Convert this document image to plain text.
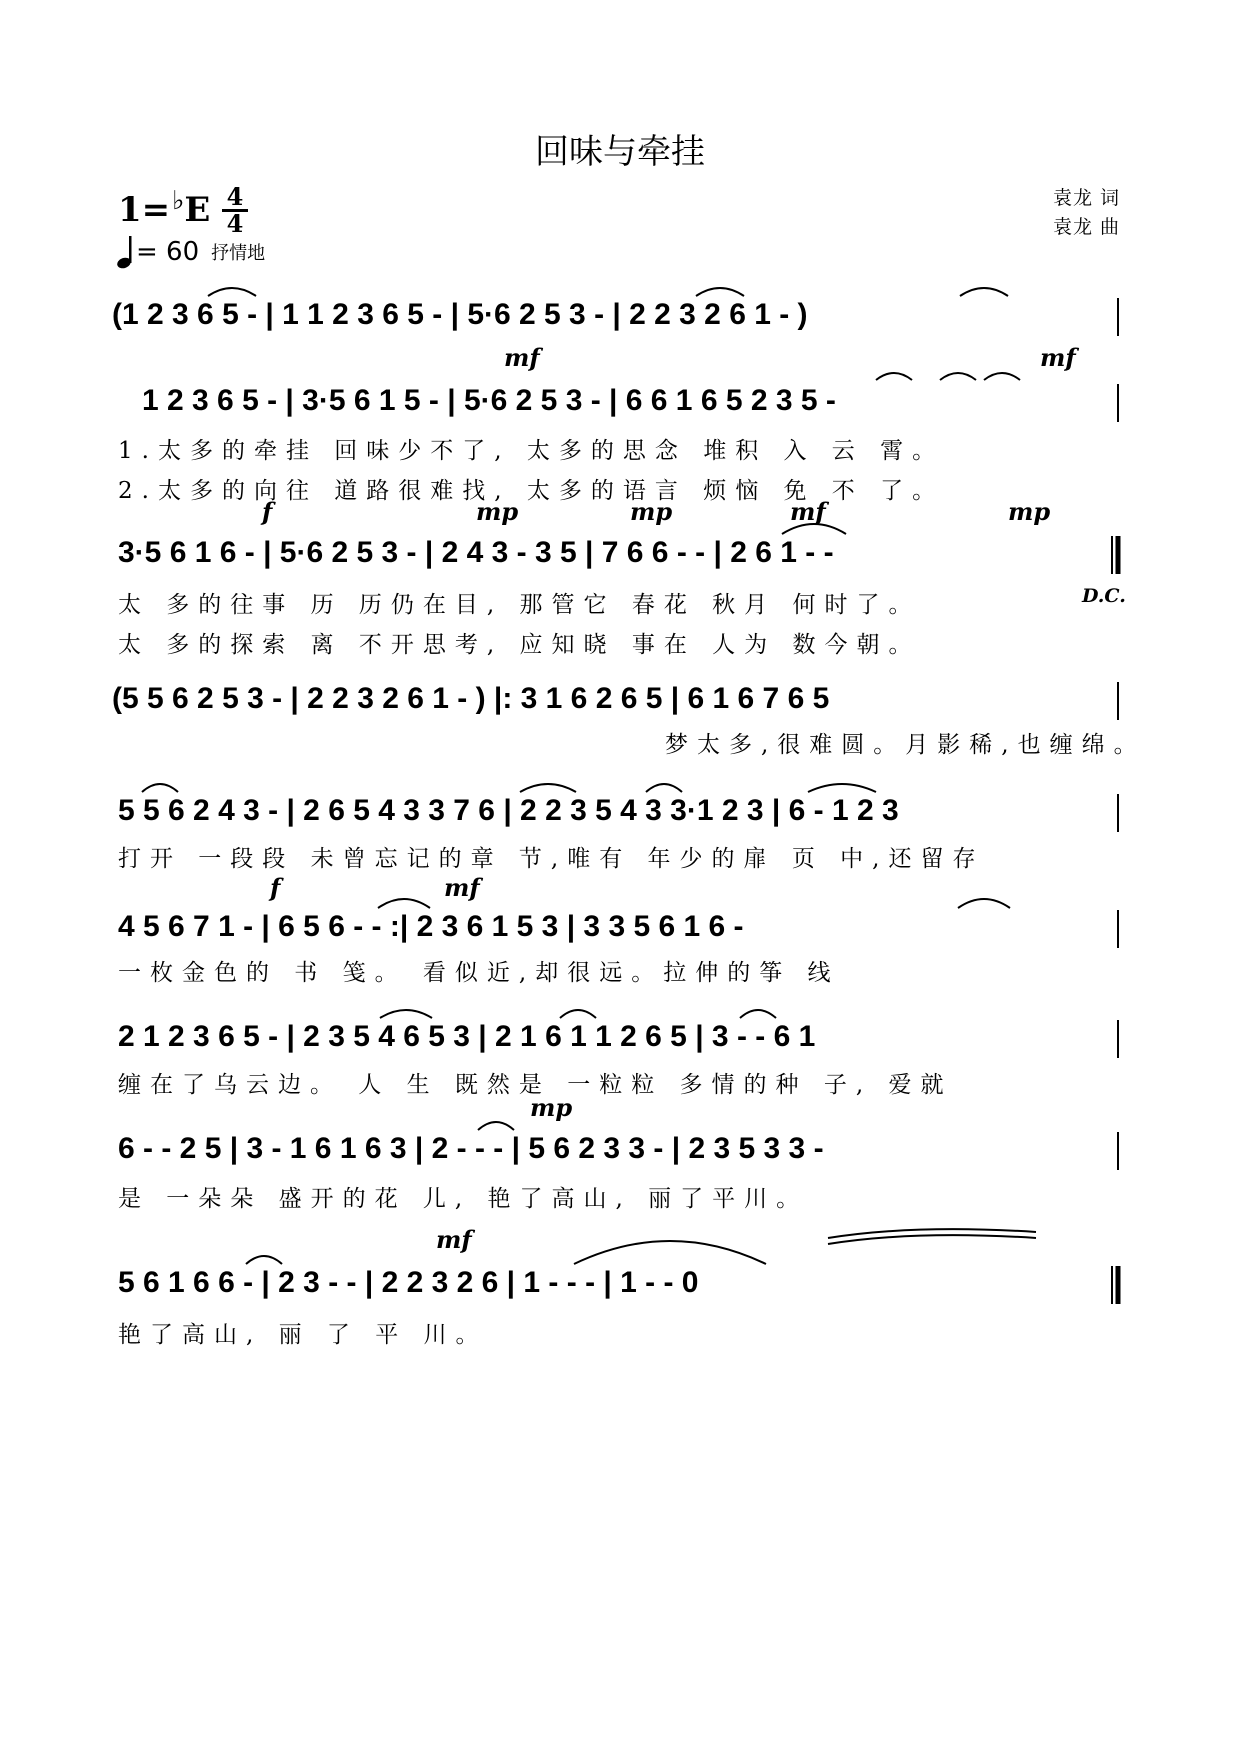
回味与牵挂
1=♭E 4
4
= 60 抒情地
袁龙 词
袁龙 曲
(1 2 3 6 5 - | 1 1 2 3 6 5 - | 5·6 2 5 3 - | 2 2 3 2 6 1 - )
1 2 3 6 5 - | 3·5 6 1 5 - | 5·6 2 5 3 - | 6 6 1 6 5 2 3 5 -
1.太多的牵挂 回味少不了, 太多的思念 堆积 入 云 霄。
2.太多的向往 道路很难找, 太多的语言 烦恼 免 不 了。
3·5 6 1 6 - | 5·6 2 5 3 - | 2 4 3 - 3 5 | 7 6 6 - - | 2 6 1 - -
太 多的往事 历 历仍在目, 那管它 春花 秋月 何时了。
太 多的探索 离 不开思考, 应知晓 事在 人为 数今朝。
D.C.
(5 5 6 2 5 3 - | 2 2 3 2 6 1 - ) |: 3 1 6 2 6 5 | 6 1 6 7 6 5
梦太多,很难圆。月影稀,也缠绵。
5 5 6 2 4 3 - | 2 6 5 4 3 3 7 6 | 2 2 3 5 4 3 3·1 2 3 | 6 - 1 2 3
打开 一段段 未曾忘记的章 节,唯有 年少的扉 页 中,还留存
4 5 6 7 1 - | 6 5 6 - - :| 2 3 6 1 5 3 | 3 3 5 6 1 6 -
一枚金色的 书 笺。 看似近,却很远。拉伸的筝 线
2 1 2 3 6 5 - | 2 3 5 4 6 5 3 | 2 1 6 1 1 2 6 5 | 3 - - 6 1
缠在了乌云边。 人 生 既然是 一粒粒 多情的种 子, 爱就
6 - - 2 5 | 3 - 1 6 1 6 3 | 2 - - - | 5 6 2 3 3 - | 2 3 5 3 3 -
是 一朵朵 盛开的花 儿, 艳了高山, 丽了平川。
5 6 1 6 6 - | 2 3 - - | 2 2 3 2 6 | 1 - - - | 1 - - 0
艳了高山, 丽 了 平 川。
mf	mf
f	mp	mp	mf	mp
f	mf
mp
mf
